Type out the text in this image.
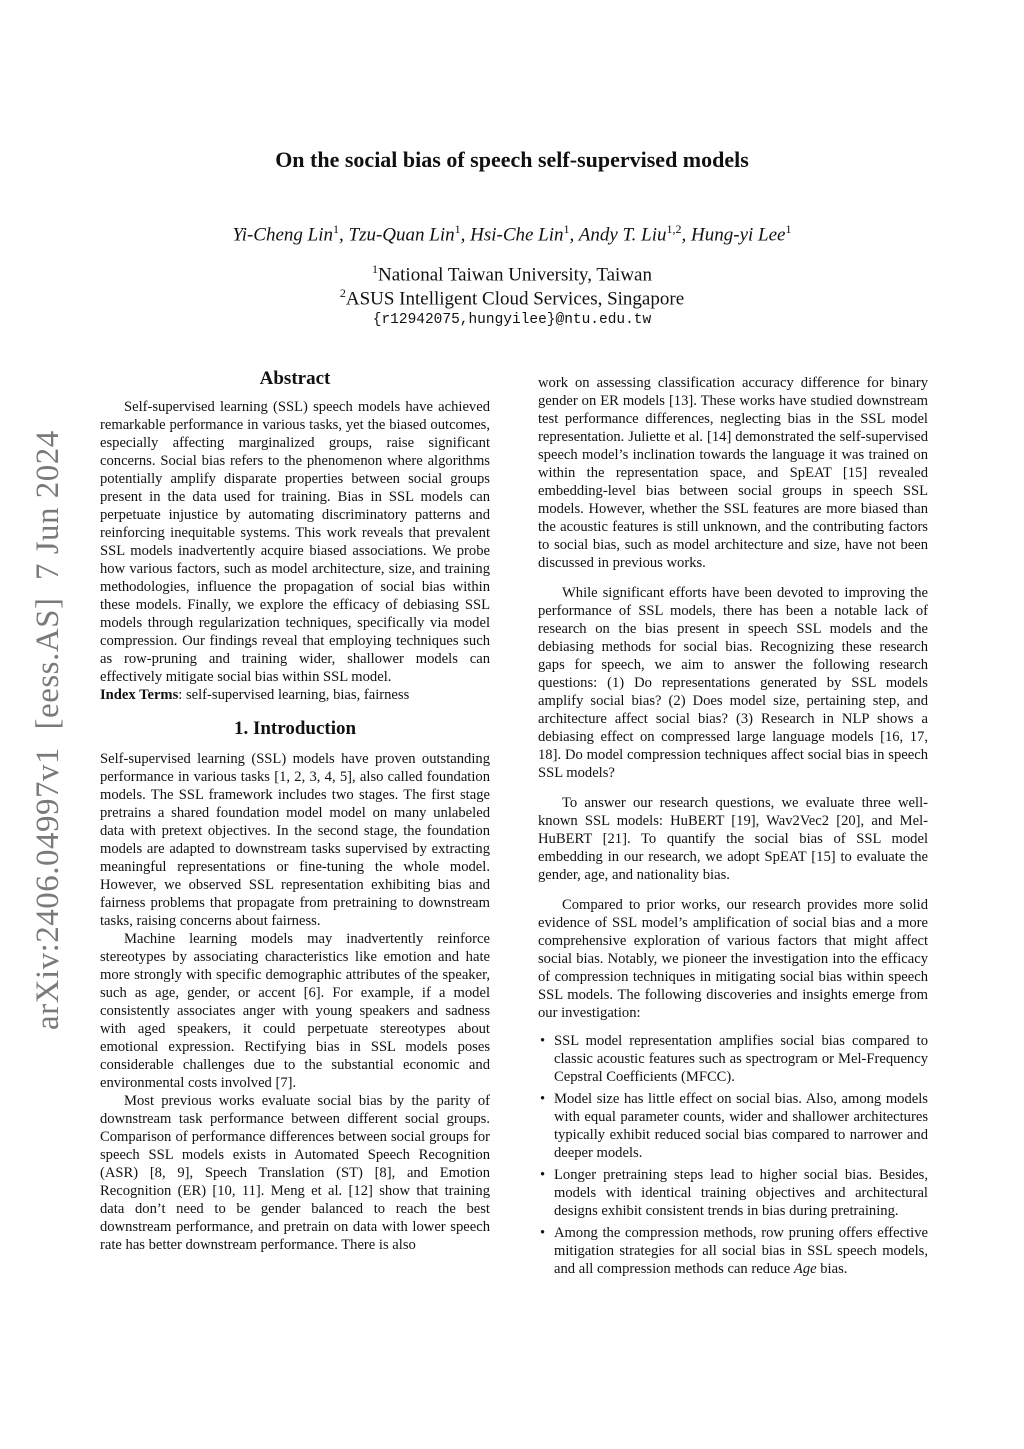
arXiv:2406.04997v1  [eess.AS]  7 Jun 2024
On the social bias of speech self-supervised models
Yi-Cheng Lin$^1$, Tzu-Quan Lin$^1$, Hsi-Che Lin$^1$, Andy T. Liu$^{1,2}$, Hung-yi Lee$^1$
$^1$National Taiwan University, Taiwan
$^2$ASUS Intelligent Cloud Services, Singapore
{r12942075,hungyilee}@ntu.edu.tw
Abstract

Self-supervised learning (SSL) speech models have achieved remarkable performance in various tasks, yet the biased outcomes, especially affecting marginalized groups, raise significant concerns. Social bias refers to the phenomenon where algorithms potentially amplify disparate properties between social groups present in the data used for training. Bias in SSL models can perpetuate injustice by automating discriminatory patterns and reinforcing inequitable systems. This work reveals that prevalent SSL models inadvertently acquire biased associations. We probe how various factors, such as model architecture, size, and training methodologies, influence the propagation of social bias within these models. Finally, we explore the efficacy of debiasing SSL models through regularization techniques, specifically via model compression. Our findings reveal that employing techniques such as row-pruning and training wider, shallower models can effectively mitigate social bias within SSL model.

Index Terms: self-supervised learning, bias, fairness

1. Introduction

Self-supervised learning (SSL) models have proven outstanding performance in various tasks [1, 2, 3, 4, 5], also called foundation models. The SSL framework includes two stages. The first stage pretrains a shared foundation model model on many unlabeled data with pretext objectives. In the second stage, the foundation models are adapted to downstream tasks supervised by extracting meaningful representations or fine-tuning the whole model. However, we observed SSL representation exhibiting bias and fairness problems that propagate from pretraining to downstream tasks, raising concerns about fairness.

Machine learning models may inadvertently reinforce stereotypes by associating characteristics like emotion and hate more strongly with specific demographic attributes of the speaker, such as age, gender, or accent [6]. For example, if a model consistently associates anger with young speakers and sadness with aged speakers, it could perpetuate stereotypes about emotional expression. Rectifying bias in SSL models poses considerable challenges due to the substantial economic and environmental costs involved [7].

Most previous works evaluate social bias by the parity of downstream task performance between different social groups. Comparison of performance differences between social groups for speech SSL models exists in Automated Speech Recognition (ASR) [8, 9], Speech Translation (ST) [8], and Emotion Recognition (ER) [10, 11]. Meng et al. [12] show that training data don’t need to be gender balanced to reach the best downstream performance, and pretrain on data with lower speech rate has better downstream performance. There is also

work on assessing classification accuracy difference for binary gender on ER models [13]. These works have studied downstream test performance differences, neglecting bias in the SSL model representation. Juliette et al. [14] demonstrated the self-supervised speech model’s inclination towards the language it was trained on within the representation space, and SpEAT [15] revealed embedding-level bias between social groups in speech SSL models. However, whether the SSL features are more biased than the acoustic features is still unknown, and the contributing factors to social bias, such as model architecture and size, have not been discussed in previous works.

While significant efforts have been devoted to improving the performance of SSL models, there has been a notable lack of research on the bias present in speech SSL models and the debiasing methods for social bias. Recognizing these research gaps for speech, we aim to answer the following research questions: (1) Do representations generated by SSL models amplify social bias? (2) Does model size, pertaining step, and architecture affect social bias? (3) Research in NLP shows a debiasing effect on compressed large language models [16, 17, 18]. Do model compression techniques affect social bias in speech SSL models?

To answer our research questions, we evaluate three well-known SSL models: HuBERT [19], Wav2Vec2 [20], and Mel-HuBERT [21]. To quantify the social bias of SSL model embedding in our research, we adopt SpEAT [15] to evaluate the gender, age, and nationality bias.

Compared to prior works, our research provides more solid evidence of SSL model’s amplification of social bias and a more comprehensive exploration of various factors that might affect social bias. Notably, we pioneer the investigation into the efficacy of compression techniques in mitigating social bias within speech SSL models. The following discoveries and insights emerge from our investigation:

• SSL model representation amplifies social bias compared to classic acoustic features such as spectrogram or Mel-Frequency Cepstral Coefficients (MFCC).
• Model size has little effect on social bias. Also, among models with equal parameter counts, wider and shallower architectures typically exhibit reduced social bias compared to narrower and deeper models.
• Longer pretraining steps lead to higher social bias. Besides, models with identical training objectives and architectural designs exhibit consistent trends in bias during pretraining.
• Among the compression methods, row pruning offers effective mitigation strategies for all social bias in SSL speech models, and all compression methods can reduce Age bias.
